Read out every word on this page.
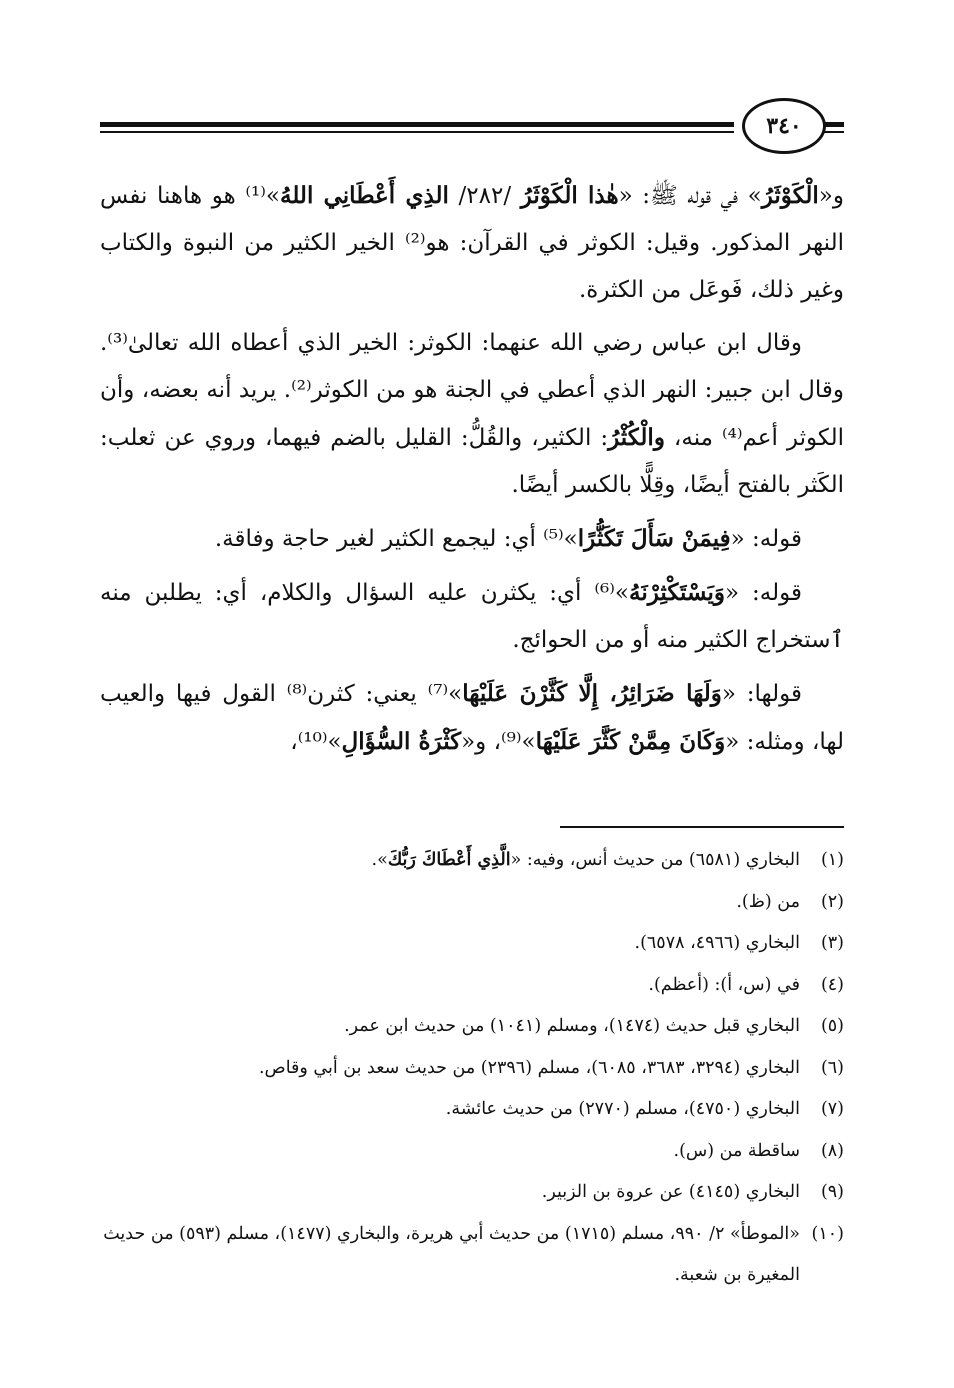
٣٤٠

و«الْكَوْثَرُ» في قوله ﷺ: «هٰذا الْكَوْثَرُ /٢٨٢/ الذِي أَعْطَانِي اللهُ»⁽¹⁾ هو هاهنا نفس النهر المذكور. وقيل: الكوثر في القرآن: هو⁽²⁾ الخير الكثير من النبوة والكتاب وغير ذلك، فَوعَل من الكثرة.

وقال ابن عباس رضي الله عنهما: الكوثر: الخير الذي أعطاه الله تعالىٰ⁽³⁾. وقال ابن جبير: النهر الذي أعطي في الجنة هو من الكوثر⁽²⁾. يريد أنه بعضه، وأن الكوثر أعم⁽⁴⁾ منه، والْكُثْرُ: الكثير، والقُلُّ: القليل بالضم فيهما، وروي عن ثعلب: الكَثر بالفتح أيضًا، وقِلًّا بالكسر أيضًا.

قوله: «فِيمَنْ سَأَلَ تَكَثُّرًا»⁽⁵⁾ أي: ليجمع الكثير لغير حاجة وفاقة.

قوله: «وَيَسْتَكْثِرْنَهُ»⁽⁶⁾ أي: يكثرن عليه السؤال والكلام، أي: يطلبن منه ٱستخراج الكثير منه أو من الحوائج.

قولها: «وَلَهَا ضَرَائِرُ، إِلَّا كَثَّرْنَ عَلَيْهَا»⁽⁷⁾ يعني: كثرن⁽⁸⁾ القول فيها والعيب لها، ومثله: «وَكَانَ مِمَّنْ كَثَّرَ عَلَيْهَا»⁽⁹⁾، و«كَثْرَةُ السُّؤَالِ»⁽¹⁰⁾،

(١)
البخاري (٦٥٨١) من حديث أنس، وفيه: «الَّذِي أَعْطَاكَ رَبُّكَ».
(٢)
من (ظ).
(٣)
البخاري (٤٩٦٦، ٦٥٧٨).
(٤)
في (س، أ): (أعظم).
(٥)
البخاري قبل حديث (١٤٧٤)، ومسلم (١٠٤١) من حديث ابن عمر.
(٦)
البخاري (٣٢٩٤، ٣٦٨٣، ٦٠٨٥)، مسلم (٢٣٩٦) من حديث سعد بن أبي وقاص.
(٧)
البخاري (٤٧٥٠)، مسلم (٢٧٧٠) من حديث عائشة.
(٨)
ساقطة من (س).
(٩)
البخاري (٤١٤٥) عن عروة بن الزبير.
(١٠)
«الموطأ» ٢/ ٩٩٠، مسلم (١٧١٥) من حديث أبي هريرة، والبخاري (١٤٧٧)، مسلم (٥٩٣) من حديث المغيرة بن شعبة.
